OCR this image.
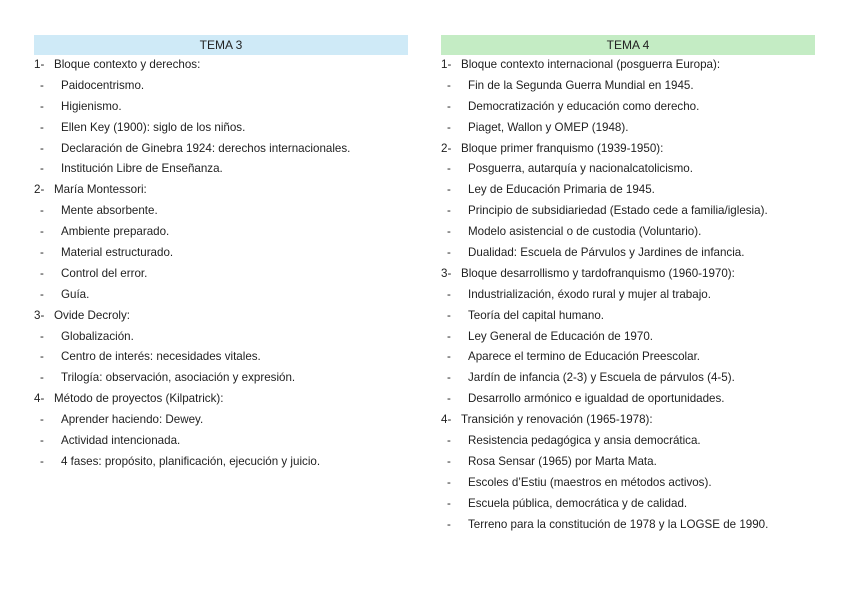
TEMA 3
1- Bloque contexto y derechos:
- Paidocentrismo.
- Higienismo.
- Ellen Key (1900): siglo de los niños.
- Declaración de Ginebra 1924: derechos internacionales.
- Institución Libre de Enseñanza.
2- María Montessori:
- Mente absorbente.
- Ambiente preparado.
- Material estructurado.
- Control del error.
- Guía.
3- Ovide Decroly:
- Globalización.
- Centro de interés: necesidades vitales.
- Trilogía: observación, asociación y expresión.
4- Método de proyectos (Kilpatrick):
- Aprender haciendo: Dewey.
- Actividad intencionada.
- 4 fases: propósito, planificación, ejecución y juicio.
TEMA 4
1- Bloque contexto internacional (posguerra Europa):
- Fin de la Segunda Guerra Mundial en 1945.
- Democratización y educación como derecho.
- Piaget, Wallon y OMEP (1948).
2- Bloque primer franquismo (1939-1950):
- Posguerra, autarquía y nacionalcatolicismo.
- Ley de Educación Primaria de 1945.
- Principio de subsidiariedad (Estado cede a familia/iglesia).
- Modelo asistencial o de custodia (Voluntario).
- Dualidad: Escuela de Párvulos y Jardines de infancia.
3- Bloque desarrollismo y tardofranquismo (1960-1970):
- Industrialización, éxodo rural y mujer al trabajo.
- Teoría del capital humano.
- Ley General de Educación de 1970.
- Aparece el termino de Educación Preescolar.
- Jardín de infancia (2-3) y Escuela de párvulos (4-5).
- Desarrollo armónico e igualdad de oportunidades.
4- Transición y renovación (1965-1978):
- Resistencia pedagógica y ansia democrática.
- Rosa Sensar (1965) por Marta Mata.
- Escoles d’Estiu (maestros en métodos activos).
- Escuela pública, democrática y de calidad.
- Terreno para la constitución de 1978 y la LOGSE de 1990.
